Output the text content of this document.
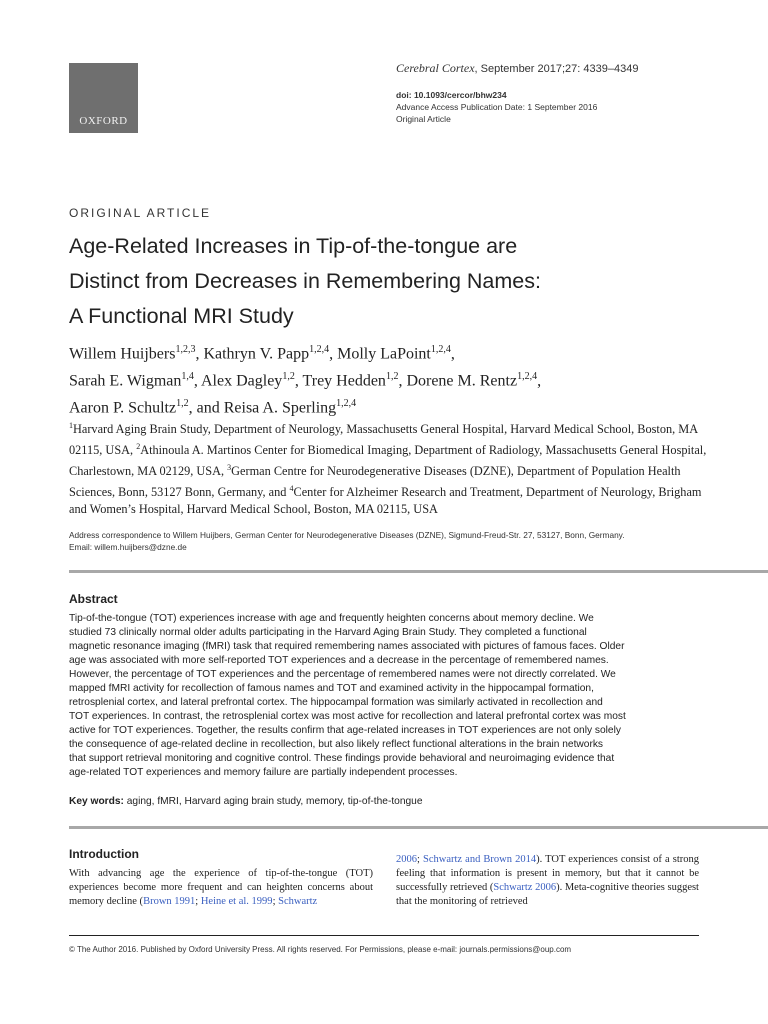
OXFORD
Cerebral Cortex, September 2017;27: 4339–4349
doi: 10.1093/cercor/bhw234
Advance Access Publication Date: 1 September 2016
Original Article
ORIGINAL ARTICLE
Age-Related Increases in Tip-of-the-tongue are
Distinct from Decreases in Remembering Names:
A Functional MRI Study
Willem Huijbers$^{1,2,3}$, Kathryn V. Papp$^{1,2,4}$, Molly LaPoint$^{1,2,4}$,
Sarah E. Wigman$^{1,4}$, Alex Dagley$^{1,2}$, Trey Hedden$^{1,2}$, Dorene M. Rentz$^{1,2,4}$,
Aaron P. Schultz$^{1,2}$, and Reisa A. Sperling$^{1,2,4}$
$^1$Harvard Aging Brain Study, Department of Neurology, Massachusetts General Hospital, Harvard Medical School, Boston, MA 02115, USA, $^2$Athinoula A. Martinos Center for Biomedical Imaging, Department of Radiology, Massachusetts General Hospital, Charlestown, MA 02129, USA, $^3$German Centre for Neurodegenerative Diseases (DZNE), Department of Population Health Sciences, Bonn, 53127 Bonn, Germany, and $^4$Center for Alzheimer Research and Treatment, Department of Neurology, Brigham and Women’s Hospital, Harvard Medical School, Boston, MA 02115, USA
Address correspondence to Willem Huijbers, German Center for Neurodegenerative Diseases (DZNE), Sigmund-Freud-Str. 27, 53127, Bonn, Germany.
Email: willem.huijbers@dzne.de
Abstract
Tip-of-the-tongue (TOT) experiences increase with age and frequently heighten concerns about memory decline. We
studied 73 clinically normal older adults participating in the Harvard Aging Brain Study. They completed a functional
magnetic resonance imaging (fMRI) task that required remembering names associated with pictures of famous faces. Older
age was associated with more self-reported TOT experiences and a decrease in the percentage of remembered names.
However, the percentage of TOT experiences and the percentage of remembered names were not directly correlated. We
mapped fMRI activity for recollection of famous names and TOT and examined activity in the hippocampal formation,
retrosplenial cortex, and lateral prefrontal cortex. The hippocampal formation was similarly activated in recollection and
TOT experiences. In contrast, the retrosplenial cortex was most active for recollection and lateral prefrontal cortex was most
active for TOT experiences. Together, the results confirm that age-related increases in TOT experiences are not only solely
the consequence of age-related decline in recollection, but also likely reflect functional alterations in the brain networks
that support retrieval monitoring and cognitive control. These findings provide behavioral and neuroimaging evidence that
age-related TOT experiences and memory failure are partially independent processes.
Key words: aging, fMRI, Harvard aging brain study, memory, tip-of-the-tongue
Introduction
With advancing age the experience of tip-of-the-tongue (TOT) experiences become more frequent and can heighten concerns about memory decline (Brown 1991; Heine et al. 1999; Schwartz
2006; Schwartz and Brown 2014). TOT experiences consist of a strong feeling that information is present in memory, but that it cannot be successfully retrieved (Schwartz 2006). Meta-cognitive theories suggest that the monitoring of retrieved
© The Author 2016. Published by Oxford University Press. All rights reserved. For Permissions, please e-mail: journals.permissions@oup.com
